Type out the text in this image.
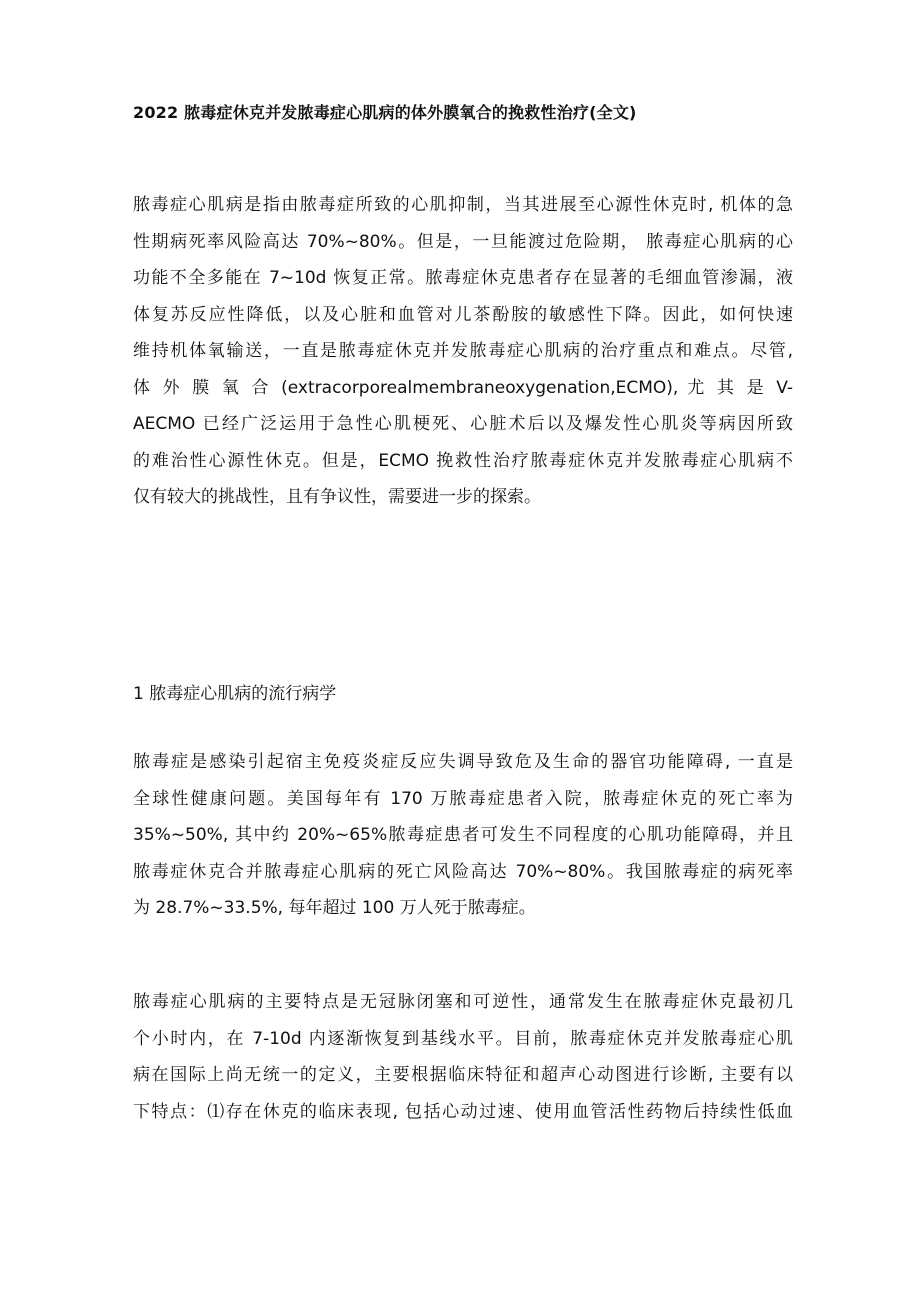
2022 脓毒症休克并发脓毒症心肌病的体外膜氧合的挽救性治疗(全文)

脓毒症心肌病是指由脓毒症所致的心肌抑制，当其进展至心源性休克时, 机体的急
性期病死率风险高达 70%~80%。但是，一旦能渡过危险期， 脓毒症心肌病的心
功能不全多能在 7~10d 恢复正常。脓毒症休克患者存在显著的毛细血管渗漏，液
体复苏反应性降低，以及心脏和血管对儿茶酚胺的敏感性下降。因此，如何快速
维持机体氧输送，一直是脓毒症休克并发脓毒症心肌病的治疗重点和难点。尽管,
体 外 膜 氧 合 (extracorporealmembraneoxygenation,ECMO), 尤 其 是 V-
AECMO 已经广泛运用于急性心肌梗死、心脏术后以及爆发性心肌炎等病因所致
的难治性心源性休克。但是，ECMO 挽救性治疗脓毒症休克并发脓毒症心肌病不
仅有较大的挑战性，且有争议性，需要进一步的探索。

1 脓毒症心肌病的流行病学

脓毒症是感染引起宿主免疫炎症反应失调导致危及生命的器官功能障碍, 一直是
全球性健康问题。美国每年有 170 万脓毒症患者入院，脓毒症休克的死亡率为
35%~50%, 其中约 20%~65%脓毒症患者可发生不同程度的心肌功能障碍，并且
脓毒症休克合并脓毒症心肌病的死亡风险高达 70%~80%。我国脓毒症的病死率
为 28.7%~33.5%, 每年超过 100 万人死于脓毒症。

脓毒症心肌病的主要特点是无冠脉闭塞和可逆性，通常发生在脓毒症休克最初几
个小时内，在 7-10d 内逐渐恢复到基线水平。目前，脓毒症休克并发脓毒症心肌
病在国际上尚无统一的定义，主要根据临床特征和超声心动图进行诊断, 主要有以
下特点：⑴存在休克的临床表现, 包括心动过速、使用血管活性药物后持续性低血
